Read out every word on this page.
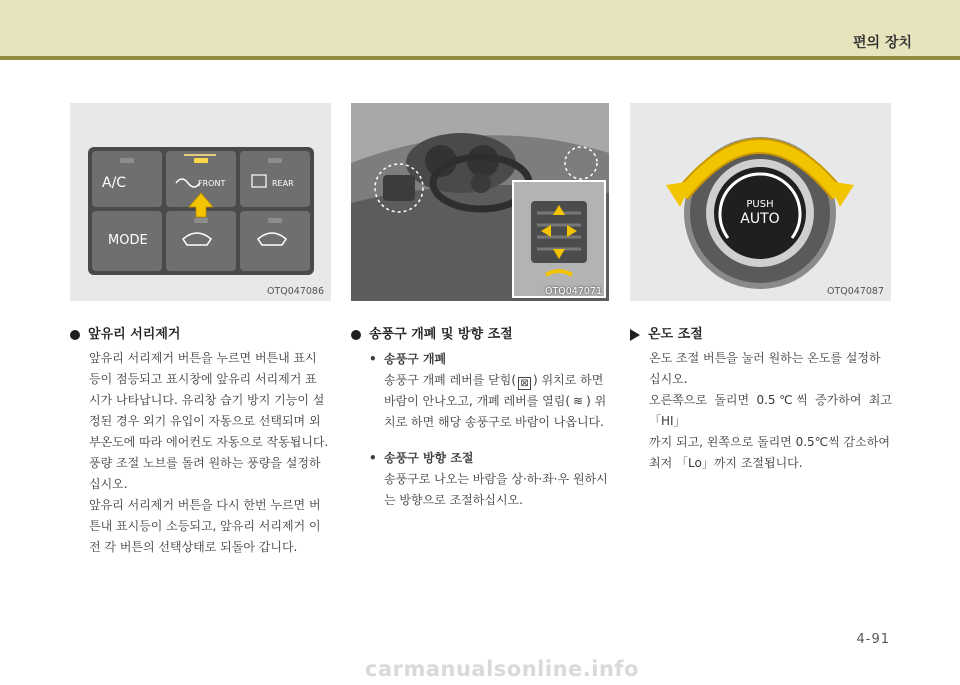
편의 장치
A/C	FRONT	REAR
MODE
OTQ047086	OTQ047071
PUSH
AUTO
OTQ047087
앞유리 서리제거

앞유리 서리제거 버튼을 누르면 버튼내 표시

등이 점등되고 표시창에 앞유리 서리제거 표

시가 나타납니다. 유리창 습기 방지 기능이 설

정된 경우 외기 유입이 자동으로 선택되며 외

부온도에 따라 에어컨도 자동으로 작동됩니다.

풍량 조절 노브를 돌려 원하는 풍량을 설정하

십시오.

앞유리 서리제거 버튼을 다시 한번 누르면 버

튼내 표시등이 소등되고, 앞유리 서리제거 이

전 각 버튼의 선택상태로 되돌아 갑니다.

송풍구 개폐 및 방향 조절
• 송풍구 개폐
송풍구 개폐 레버를 닫힘( ⊠ ) 위치로 하면
바람이 안나오고, 개폐 레버를 열림( ≋ ) 위
치로 하면 해당 송풍구로 바람이 나옵니다.
• 송풍구 방향 조절
송풍구로 나오는 바람을 상·하·좌·우 원하시
는 방향으로 조절하십시오.
온도 조절

온도 조절 버튼을 눌러 원하는 온도를 설정하

십시오.

오른쪽으로 돌리면 0.5℃씩 증가하여 최고 「HI」

까지 되고, 왼쪽으로 돌리면 0.5℃씩 감소하여

최저 「Lo」까지 조절됩니다.

4-91
carmanualsonline.info
